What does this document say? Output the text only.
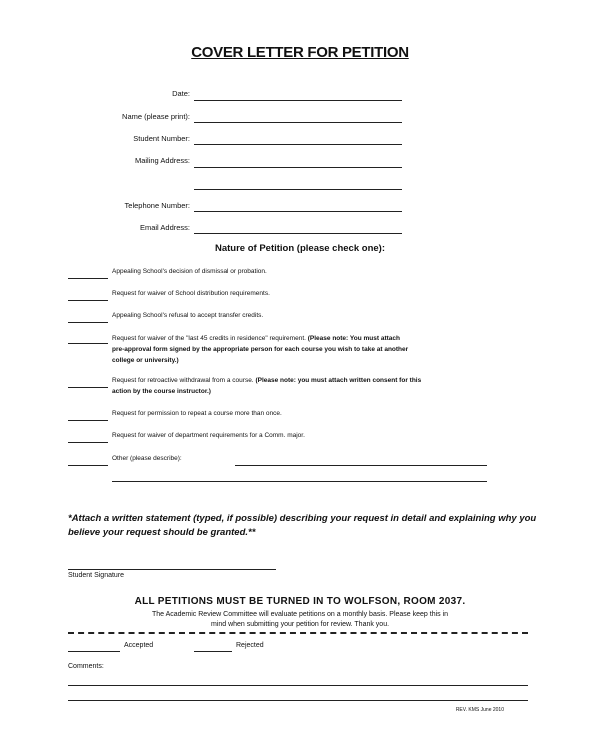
COVER LETTER FOR PETITION
Date:
Name (please print):
Student Number:
Mailing Address:
Telephone Number:
Email Address:
Nature of Petition (please check one):
Appealing School's decision of dismissal or probation.
Request for waiver of School distribution requirements.
Appealing School's refusal to accept transfer credits.
Request for waiver of the "last 45 credits in residence" requirement. (Please note: You must attach
pre-approval form signed by the appropriate person for each course you wish to take at another
college or university.)
Request for retroactive withdrawal from a course. (Please note: you must attach written consent for this
action by the course instructor.)
Request for permission to repeat a course more than once.
Request for waiver of department requirements for a Comm. major.
Other (please describe):
*Attach a written statement (typed, if possible) describing your request in detail and explaining why you believe your request should be granted.**
Student Signature
ALL PETITIONS MUST BE TURNED IN TO WOLFSON, ROOM 2037.
The Academic Review Committee will evaluate petitions on a monthly basis. Please keep this in
mind when submitting your petition for review. Thank you.
Accepted	Rejected
Comments:
REV. KMS June 2010
